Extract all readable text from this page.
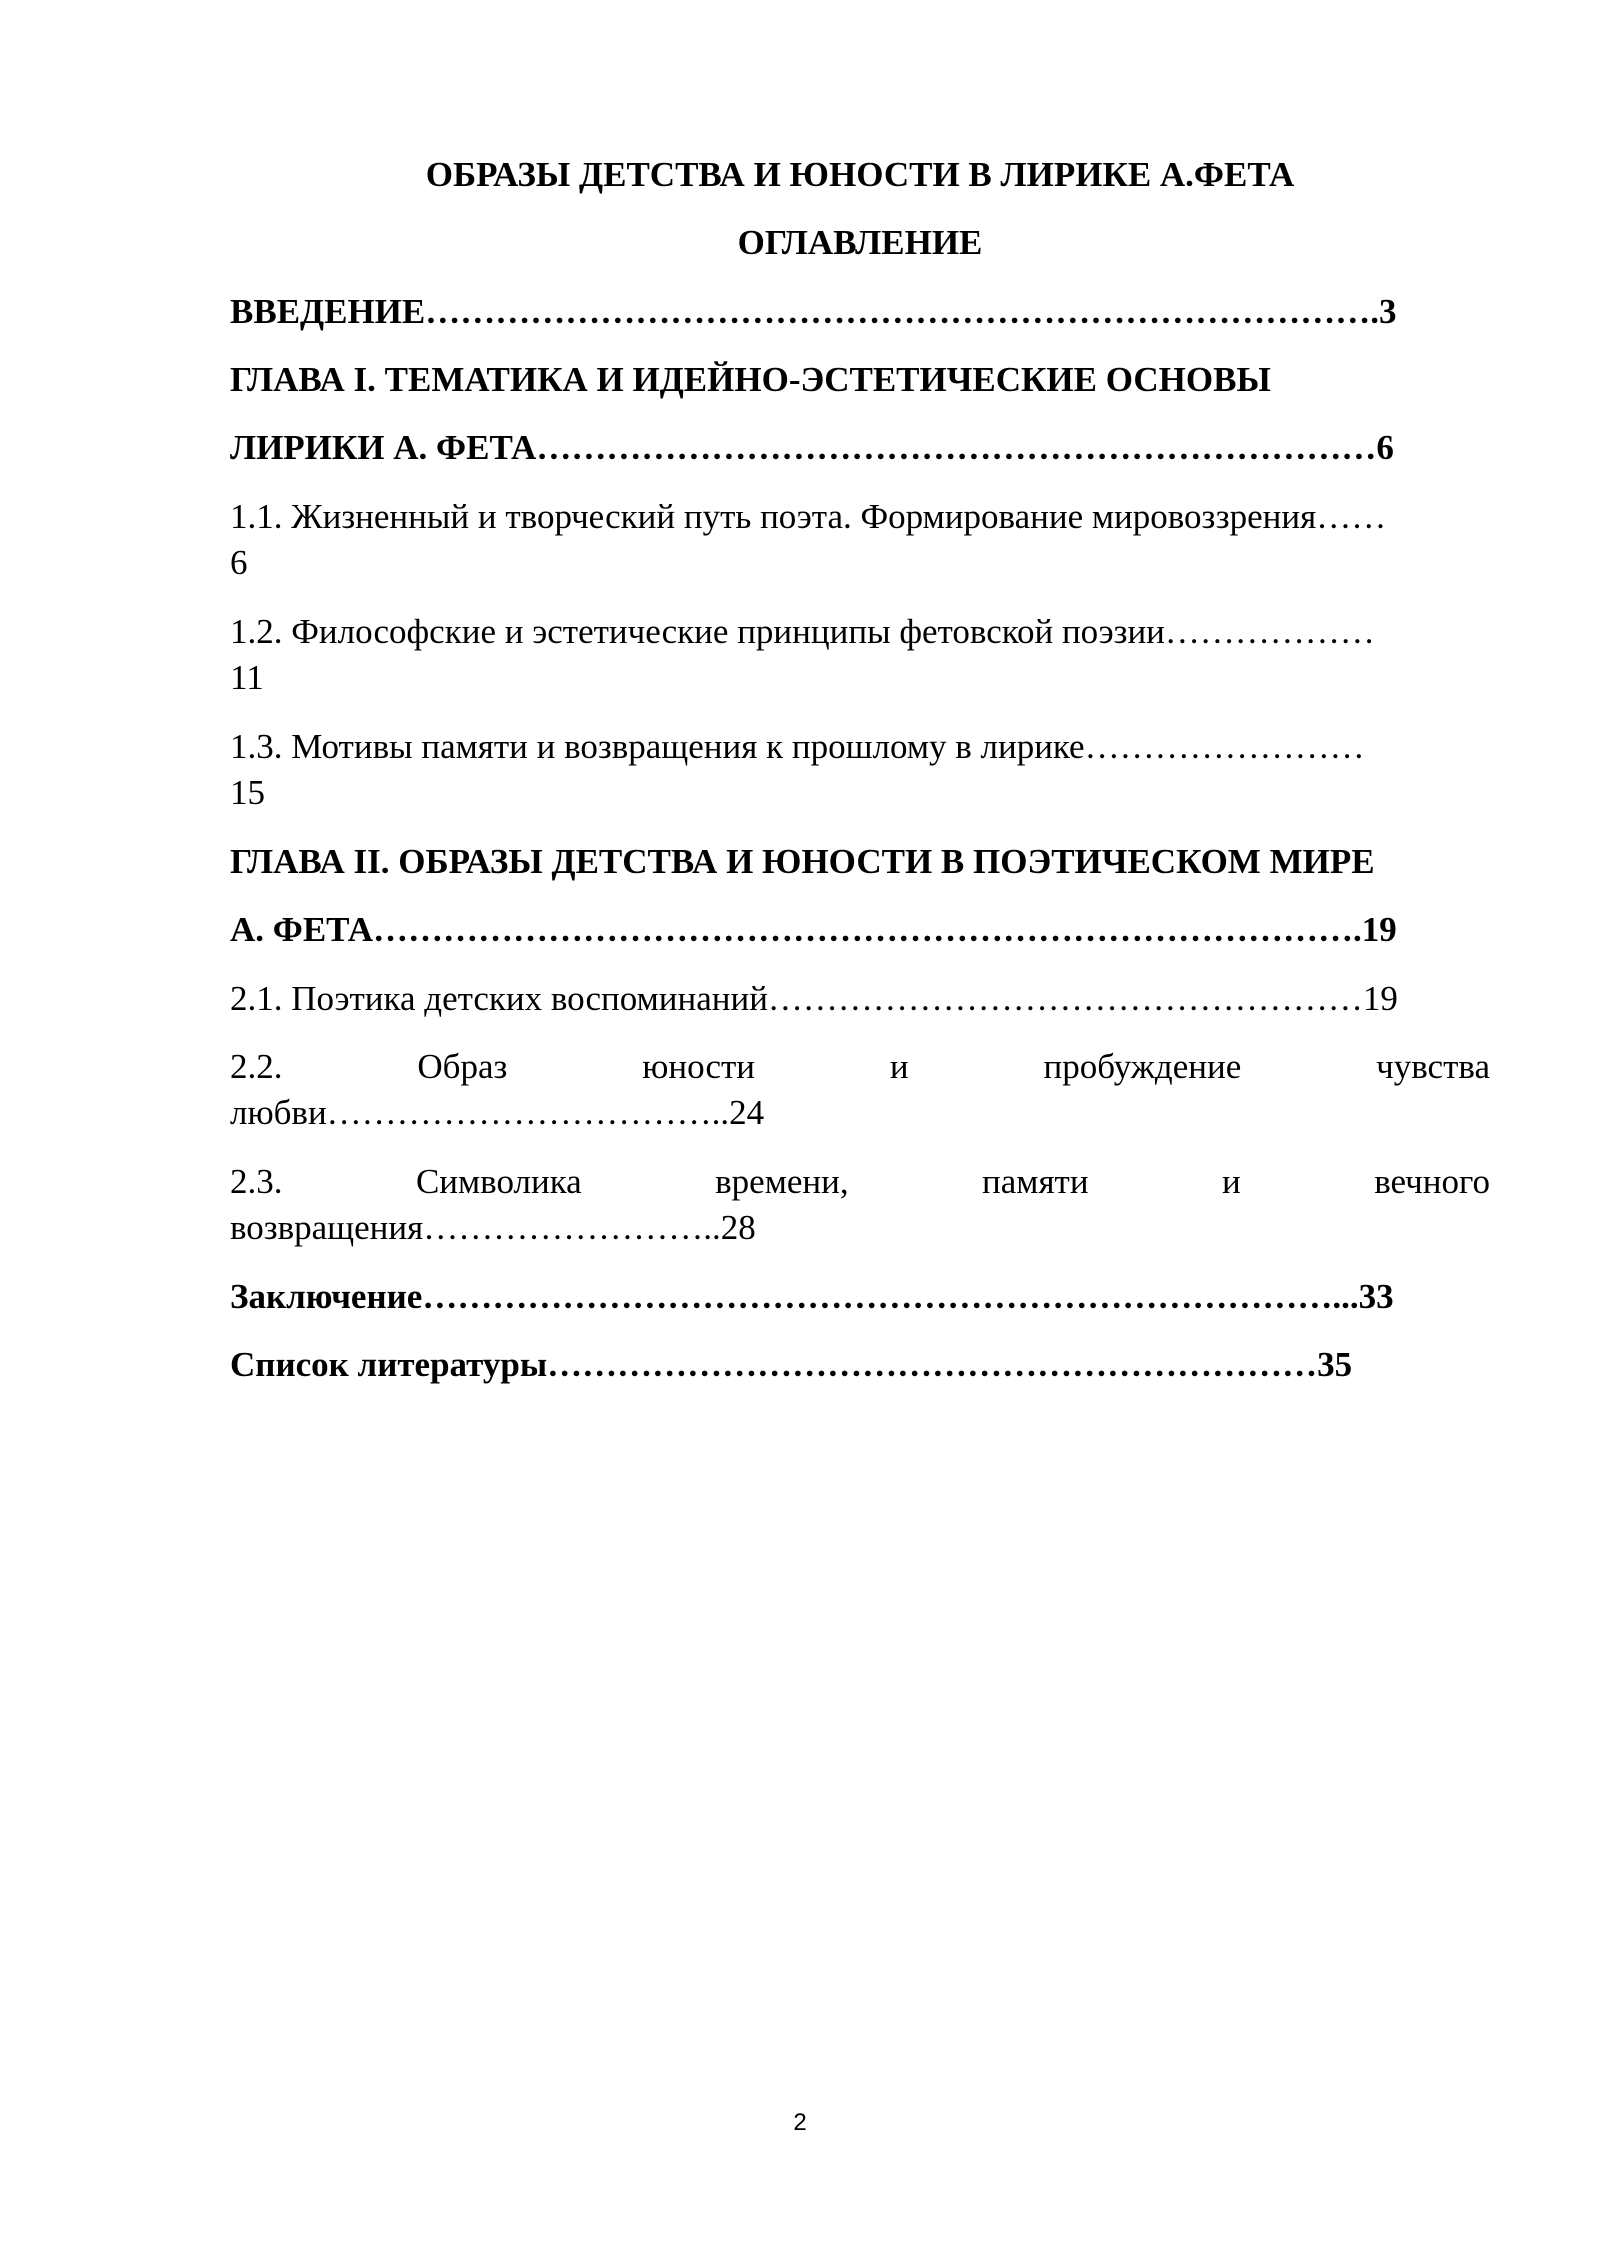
ОБРАЗЫ ДЕТСТВА И ЮНОСТИ В ЛИРИКЕ А.ФЕТА
ОГЛАВЛЕНИЕ
ВВЕДЕНИЕ……………………………………………………………………….3
ГЛАВА I. ТЕМАТИКА И ИДЕЙНО-ЭСТЕТИЧЕСКИЕ ОСНОВЫ
ЛИРИКИ А. ФЕТА………………………………………………………………6
1.1. Жизненный и творческий путь поэта. Формирование мировоззрения……
6
1.2. Философские и эстетические принципы фетовской поэзии………………
11
1.3. Мотивы памяти и возвращения к прошлому в лирике……………………
15
ГЛАВА II. ОБРАЗЫ ДЕТСТВА И ЮНОСТИ В ПОЭТИЧЕСКОМ МИРЕ
А. ФЕТА………………………………………………………………………….19
2.1. Поэтика детских воспоминаний……………………………………………19
2.2. Образ юности и пробуждение чувства
любви……………………………..24
2.3. Символика времени, памяти и вечного
возвращения……………………..28
Заключение……………………………………………………………………...33
Список литературы…………………………………………………………35
2
